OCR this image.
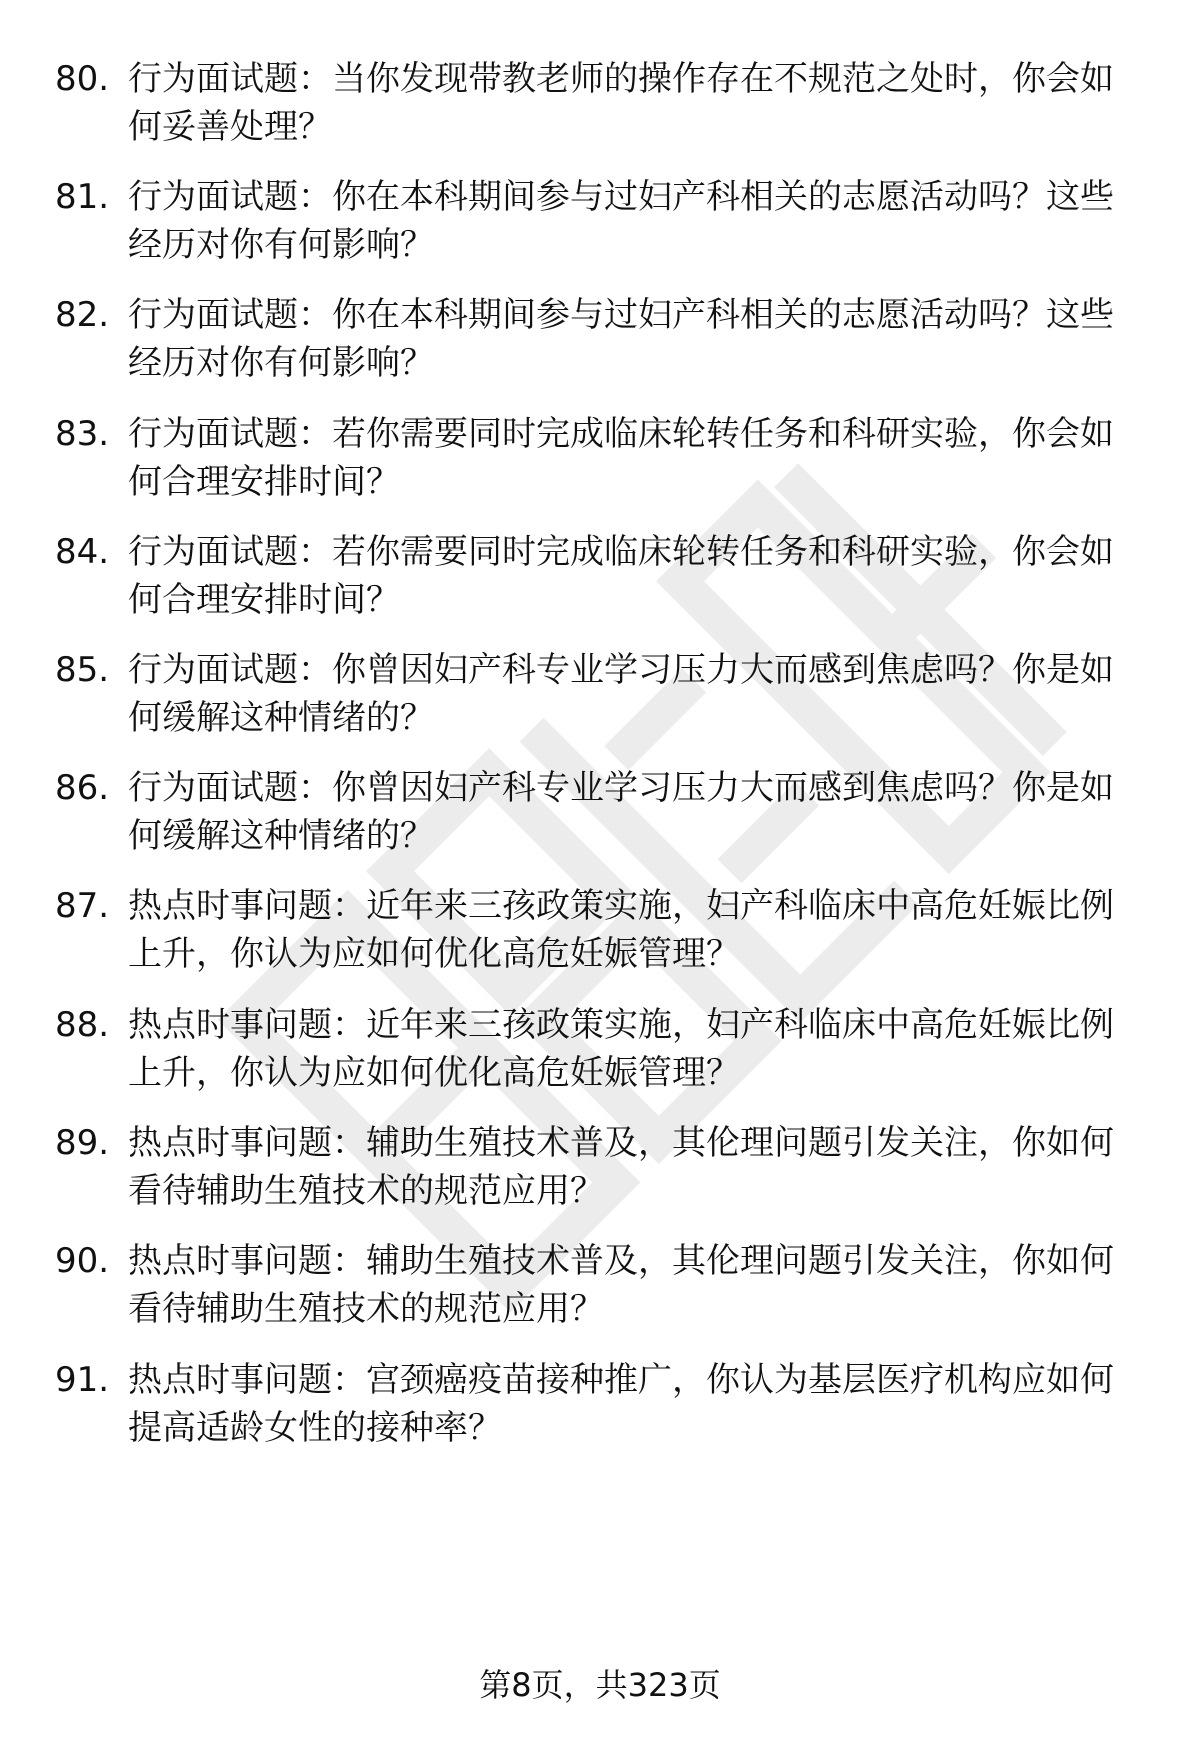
80. 行为面试题：当你发现带教老师的操作存在不规范之处时，你会如何妥善处理？
81. 行为面试题：你在本科期间参与过妇产科相关的志愿活动吗？这些经历对你有何影响？
82. 行为面试题：你在本科期间参与过妇产科相关的志愿活动吗？这些经历对你有何影响？
83. 行为面试题：若你需要同时完成临床轮转任务和科研实验，你会如何合理安排时间？
84. 行为面试题：若你需要同时完成临床轮转任务和科研实验，你会如何合理安排时间？
85. 行为面试题：你曾因妇产科专业学习压力大而感到焦虑吗？你是如何缓解这种情绪的？
86. 行为面试题：你曾因妇产科专业学习压力大而感到焦虑吗？你是如何缓解这种情绪的？
87. 热点时事问题：近年来三孩政策实施，妇产科临床中高危妊娠比例上升，你认为应如何优化高危妊娠管理？
88. 热点时事问题：近年来三孩政策实施，妇产科临床中高危妊娠比例上升，你认为应如何优化高危妊娠管理？
89. 热点时事问题：辅助生殖技术普及，其伦理问题引发关注，你如何看待辅助生殖技术的规范应用？
90. 热点时事问题：辅助生殖技术普及，其伦理问题引发关注，你如何看待辅助生殖技术的规范应用？
91. 热点时事问题：宫颈癌疫苗接种推广，你认为基层医疗机构应如何提高适龄女性的接种率？
第8页，共323页
